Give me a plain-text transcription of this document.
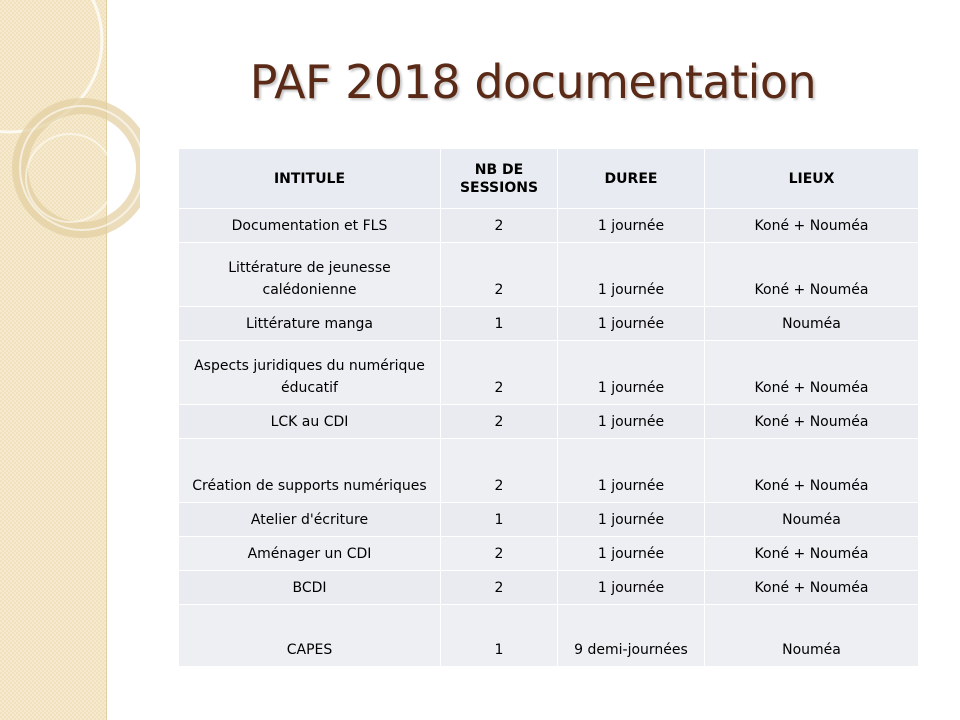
PAF 2018 documentation
INTITULE	NB DE SESSIONS	DUREE	LIEUX
Documentation et FLS	2	1 journée	Koné + Nouméa
Littérature de jeunesse calédonienne	2	1 journée	Koné + Nouméa
Littérature manga	1	1 journée	Nouméa
Aspects juridiques du numérique éducatif	2	1 journée	Koné + Nouméa
LCK au CDI	2	1 journée	Koné + Nouméa
Création de supports numériques	2	1 journée	Koné + Nouméa
Atelier d'écriture	1	1 journée	Nouméa
Aménager un CDI	2	1 journée	Koné + Nouméa
BCDI	2	1 journée	Koné + Nouméa
CAPES	1	9 demi-journées	Nouméa
